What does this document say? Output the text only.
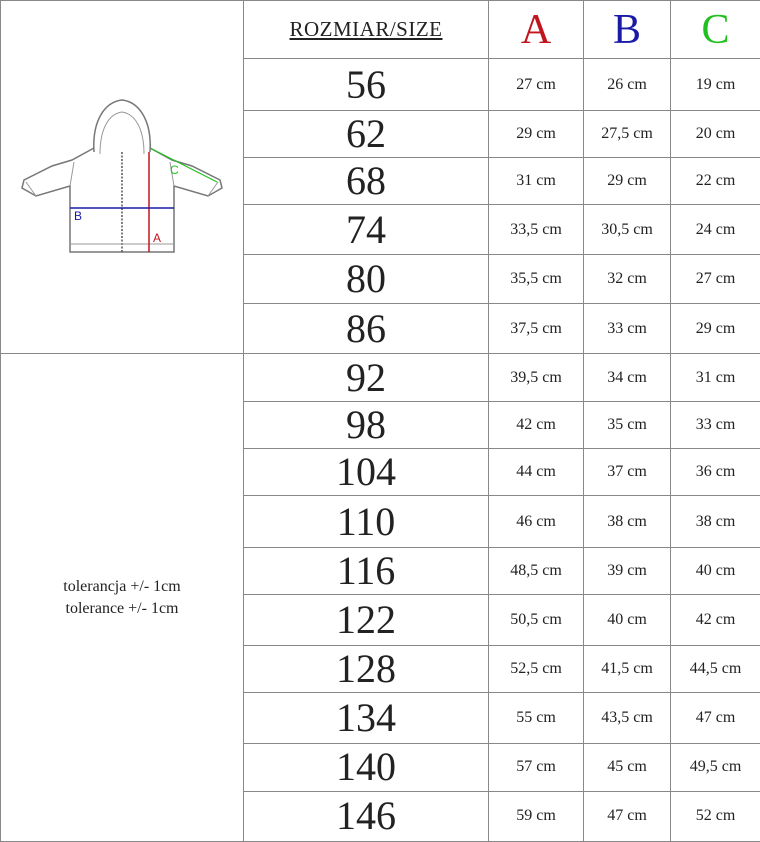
A
B
C	ROZMIAR/SIZE	A	B	C
	56	27 cm	26 cm	19 cm
	62	29 cm	27,5 cm	20 cm
	68	31 cm	29 cm	22 cm
	74	33,5 cm	30,5 cm	24 cm
	80	35,5 cm	32 cm	27 cm
	86	37,5 cm	33 cm	29 cm

tolerancja +/- 1cm
tolerance +/- 1cm	92	39,5 cm	34 cm	31 cm
	98	42 cm	35 cm	33 cm
	104	44 cm	37 cm	36 cm
	110	46 cm	38 cm	38 cm
	116	48,5 cm	39 cm	40 cm
	122	50,5 cm	40 cm	42 cm
	128	52,5 cm	41,5 cm	44,5 cm
	134	55 cm	43,5 cm	47 cm
	140	57 cm	45 cm	49,5 cm
	146	59 cm	47 cm	52 cm
